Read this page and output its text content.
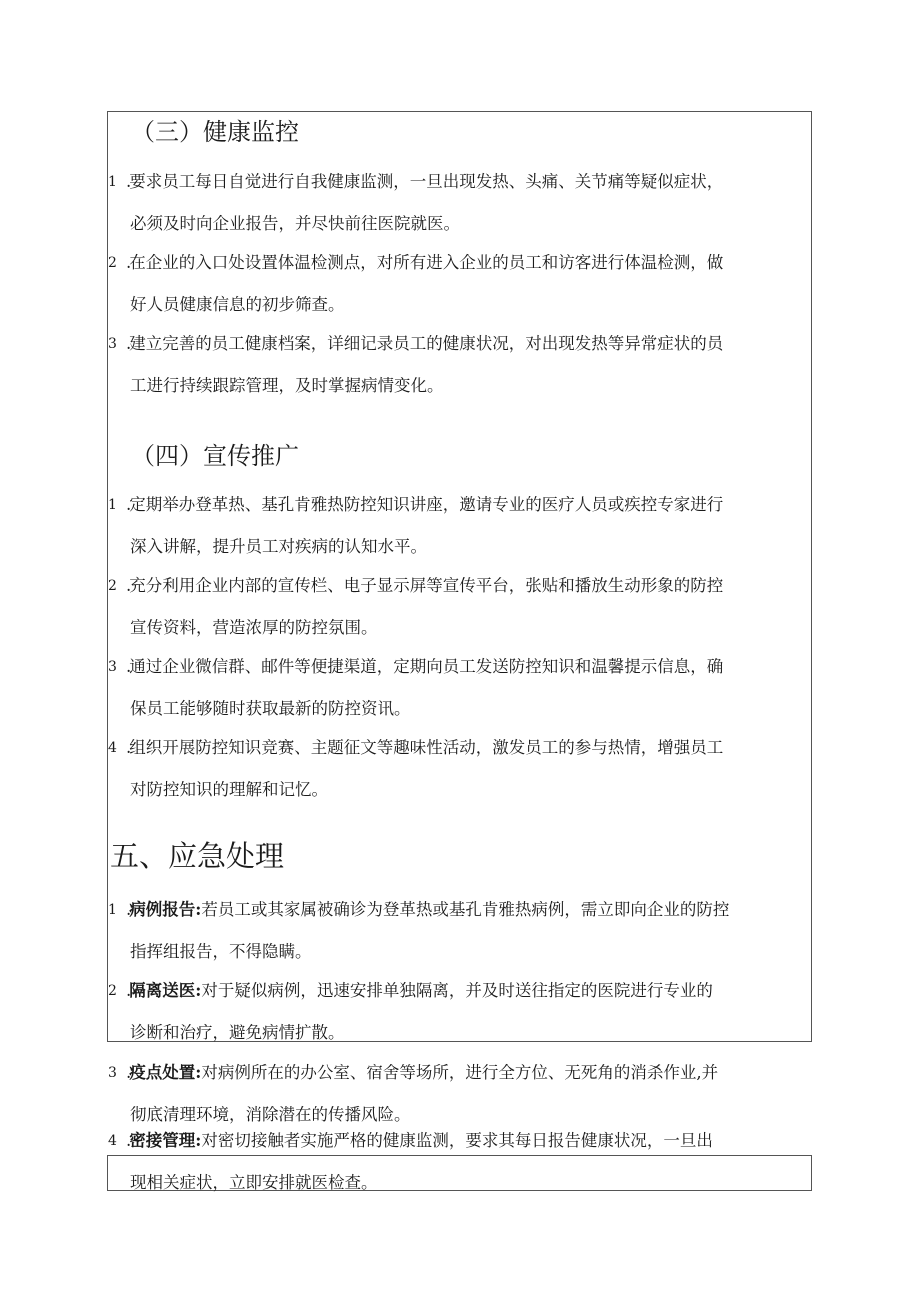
（三）健康监控
1 .要求员工每日自觉进行自我健康监测，一旦出现发热、头痛、关节痛等疑似症状，
必须及时向企业报告，并尽快前往医院就医。
2 .在企业的入口处设置体温检测点，对所有进入企业的员工和访客进行体温检测，做
好人员健康信息的初步筛查。
3 .建立完善的员工健康档案，详细记录员工的健康状况，对出现发热等异常症状的员
工进行持续跟踪管理，及时掌握病情变化。
（四）宣传推广
1 .定期举办登革热、基孔肯雅热防控知识讲座，邀请专业的医疗人员或疾控专家进行
深入讲解，提升员工对疾病的认知水平。
2 .充分利用企业内部的宣传栏、电子显示屏等宣传平台，张贴和播放生动形象的防控
宣传资料，营造浓厚的防控氛围。
3 .通过企业微信群、邮件等便捷渠道，定期向员工发送防控知识和温馨提示信息，确
保员工能够随时获取最新的防控资讯。
4 .组织开展防控知识竞赛、主题征文等趣味性活动，激发员工的参与热情，增强员工
对防控知识的理解和记忆。
五、应急处理
1 .病例报告:若员工或其家属被确诊为登革热或基孔肯雅热病例，需立即向企业的防控
指挥组报告，不得隐瞒。
2 .隔离送医:对于疑似病例，迅速安排单独隔离，并及时送往指定的医院进行专业的
诊断和治疗，避免病情扩散。
3 .疫点处置:对病例所在的办公室、宿舍等场所，进行全方位、无死角的消杀作业,并
彻底清理环境，消除潜在的传播风险。
4 .密接管理:对密切接触者实施严格的健康监测，要求其每日报告健康状况，一旦出
现相关症状，立即安排就医检查。
